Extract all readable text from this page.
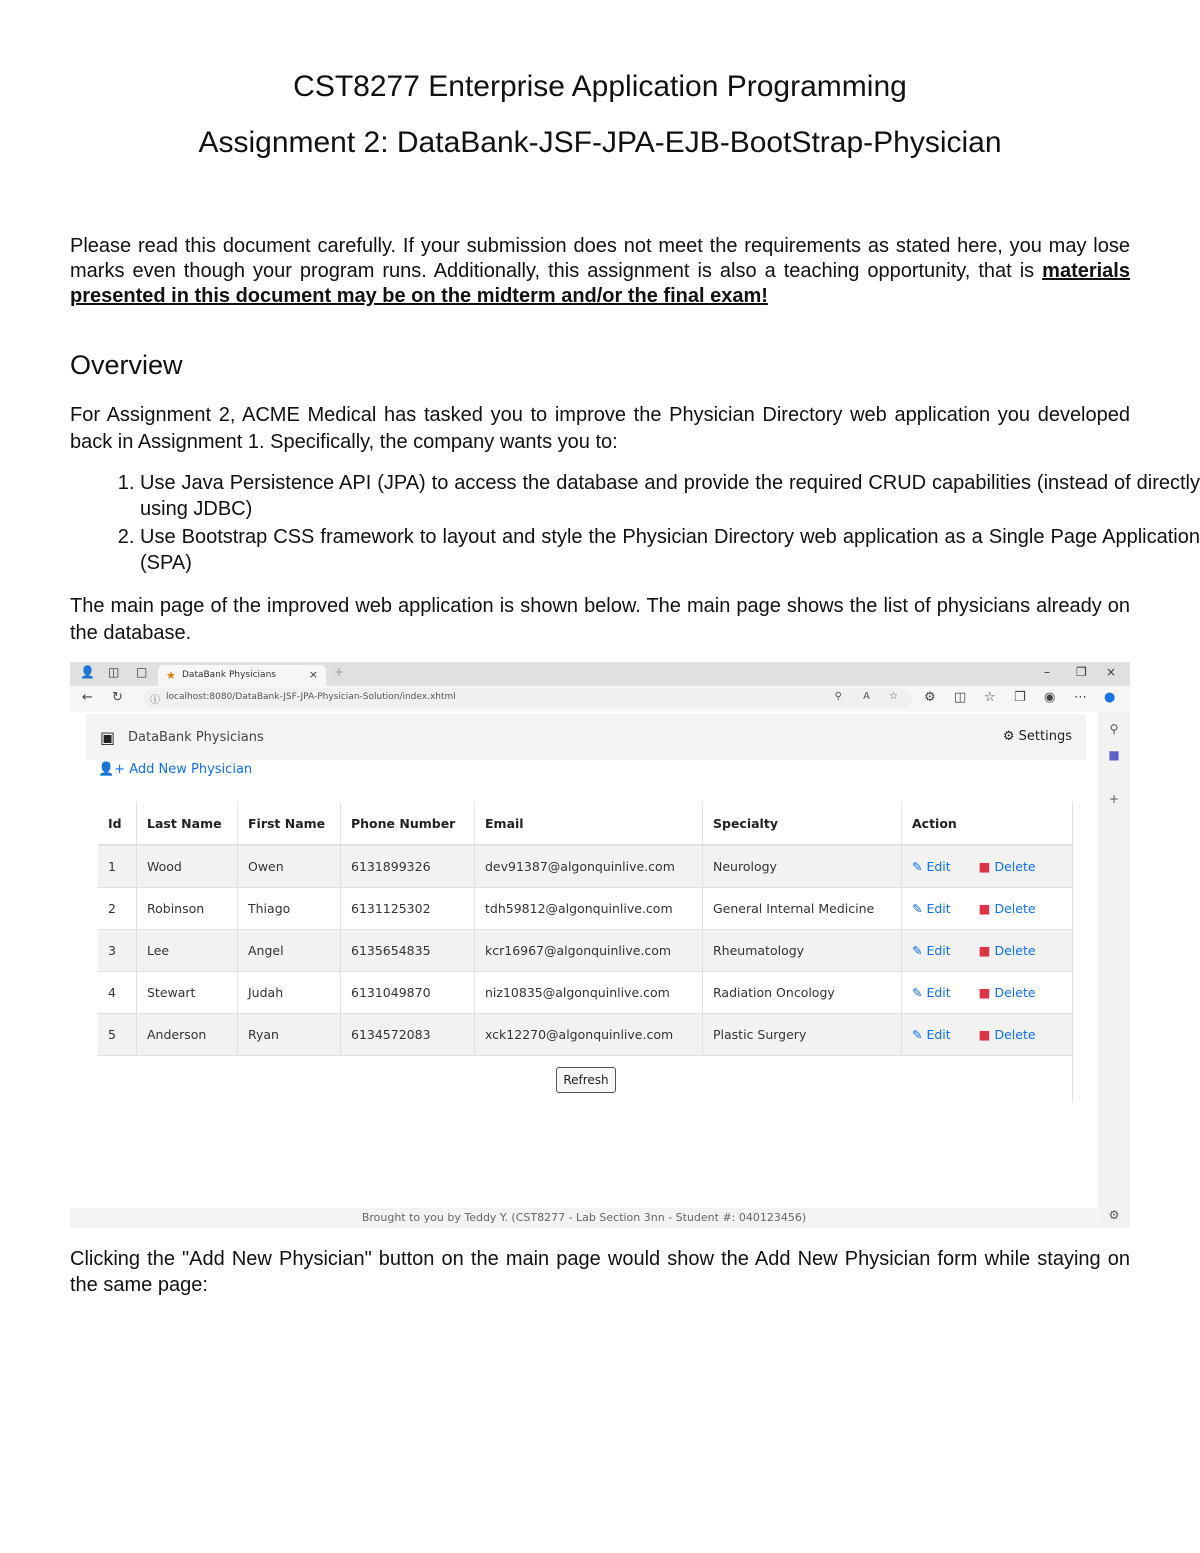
CST8277 Enterprise Application Programming
Assignment 2: DataBank-JSF-JPA-EJB-BootStrap-Physician
Please read this document carefully. If your submission does not meet the requirements as stated here, you may lose marks even though your program runs. Additionally, this assignment is also a teaching opportunity, that is materials presented in this document may be on the midterm and/or the final exam!
Overview
For Assignment 2, ACME Medical has tasked you to improve the Physician Directory web application you developed back in Assignment 1. Specifically, the company wants you to:
1. Use Java Persistence API (JPA) to access the database and provide the required CRUD capabilities (instead of directly using JDBC)
2. Use Bootstrap CSS framework to layout and style the Physician Directory web application as a Single Page Application (SPA)
The main page of the improved web application is shown below. The main page shows the list of physicians already on the database.
👤 ◫ □ ★ DataBank Physicians	× +	– ❐ ×
← ↻	ⓘ localhost:8080/DataBank-JSF-JPA-Physician-Solution/index.xhtml	⚲ A ☆ ⚙ ◫ ☆ ❐ ◉ ⋯ ●
⚲
■
+
⚙
▣ DataBank Physicians	⚙ Settings
👤+ Add New Physician
Id	Last Name	First Name	Phone Number	Email	Specialty	Action
1	Wood	Owen	6131899326	dev91387@algonquinlive.com	Neurology	✎ Edit ■ Delete
2	Robinson	Thiago	6131125302	tdh59812@algonquinlive.com	General Internal Medicine	✎ Edit ■ Delete
3	Lee	Angel	6135654835	kcr16967@algonquinlive.com	Rheumatology	✎ Edit ■ Delete
4	Stewart	Judah	6131049870	niz10835@algonquinlive.com	Radiation Oncology	✎ Edit ■ Delete
5	Anderson	Ryan	6134572083	xck12270@algonquinlive.com	Plastic Surgery	✎ Edit ■ Delete
Refresh
Brought to you by Teddy Y. (CST8277 - Lab Section 3nn - Student #: 040123456)
Clicking the "Add New Physician" button on the main page would show the Add New Physician form while staying on the same page:
